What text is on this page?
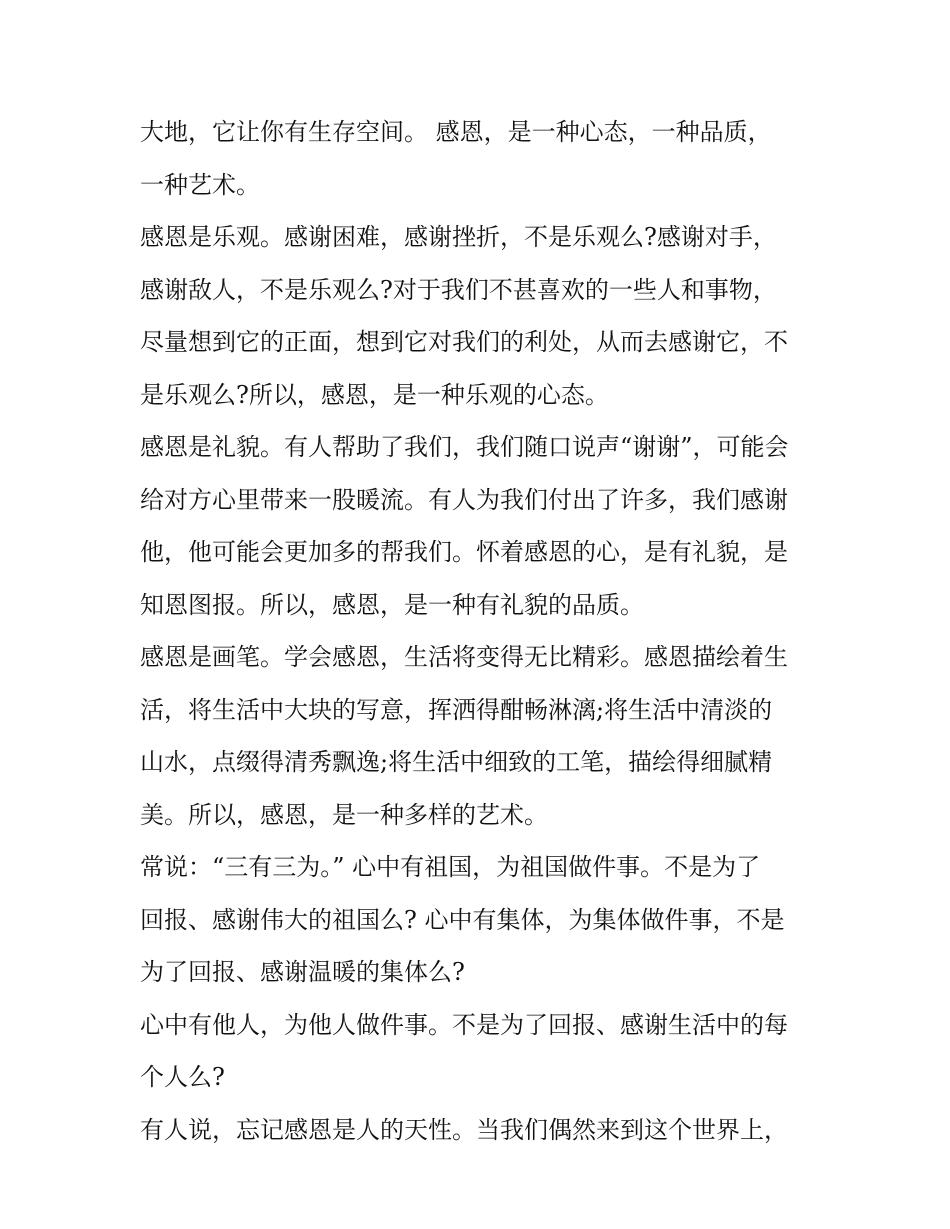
大地，它让你有生存空间。 感恩，是一种心态，一种品质，
一种艺术。
感恩是乐观。感谢困难，感谢挫折，不是乐观么?感谢对手，
感谢敌人，不是乐观么?对于我们不甚喜欢的一些人和事物，
尽量想到它的正面，想到它对我们的利处，从而去感谢它，不
是乐观么?所以，感恩，是一种乐观的心态。
感恩是礼貌。有人帮助了我们，我们随口说声“谢谢”，可能会
给对方心里带来一股暖流。有人为我们付出了许多，我们感谢
他，他可能会更加多的帮我们。怀着感恩的心，是有礼貌，是
知恩图报。所以，感恩，是一种有礼貌的品质。
感恩是画笔。学会感恩，生活将变得无比精彩。感恩描绘着生
活，将生活中大块的写意，挥洒得酣畅淋漓;将生活中清淡的
山水，点缀得清秀飘逸;将生活中细致的工笔，描绘得细腻精
美。所以，感恩，是一种多样的艺术。
常说：“三有三为。” 心中有祖国，为祖国做件事。不是为了
回报、感谢伟大的祖国么? 心中有集体，为集体做件事，不是
为了回报、感谢温暖的集体么?
心中有他人，为他人做件事。不是为了回报、感谢生活中的每
个人么?
有人说，忘记感恩是人的天性。当我们偶然来到这个世界上，
